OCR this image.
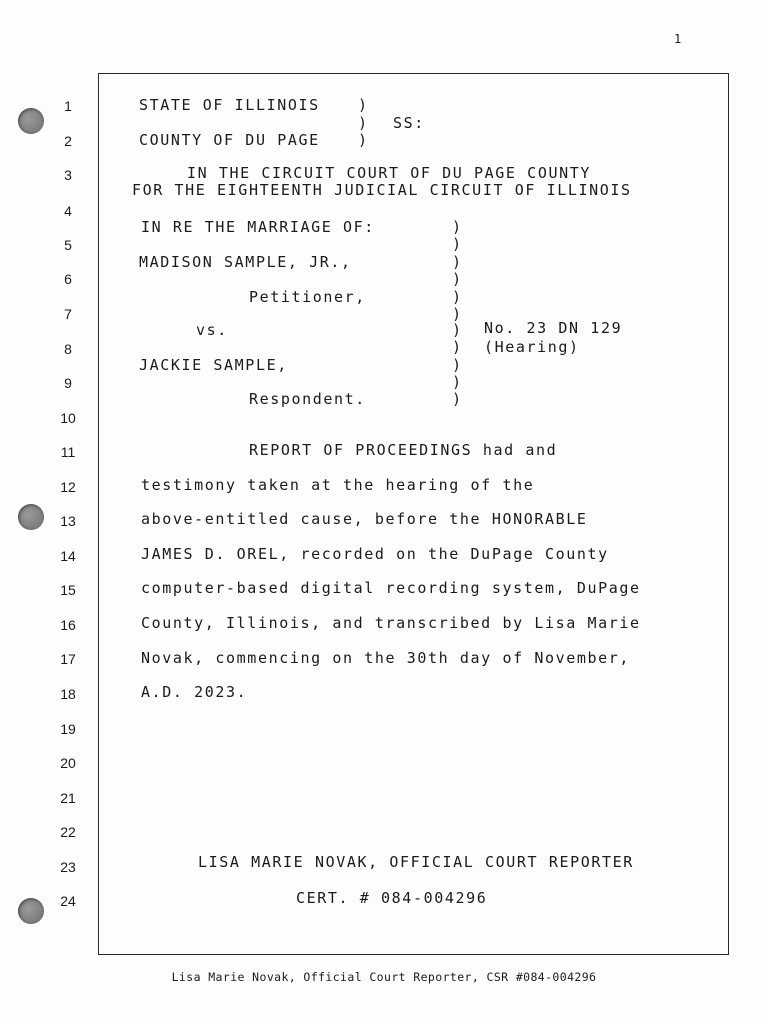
1
1
2
3
4
5
6
7
8
9
10
11
12
13
14
15
16
17
18
19
20
21
22
23
24
STATE OF ILLINOIS	)
) SS:
COUNTY OF DU PAGE	)
IN THE CIRCUIT COURT OF DU PAGE COUNTY
FOR THE EIGHTEENTH JUDICIAL CIRCUIT OF ILLINOIS
IN RE THE MARRIAGE OF:
MADISON SAMPLE, JR.,
Petitioner,
vs.
JACKIE SAMPLE,
Respondent.
)
)
)
)
)
)
)
)
)
)
)
No. 23 DN 129
(Hearing)
REPORT OF PROCEEDINGS had and
testimony taken at the hearing of the
above-entitled cause, before the HONORABLE
JAMES D. OREL, recorded on the DuPage County
computer-based digital recording system, DuPage
County, Illinois, and transcribed by Lisa Marie
Novak, commencing on the 30th day of November,
A.D. 2023.
LISA MARIE NOVAK, OFFICIAL COURT REPORTER
CERT. # 084-004296
Lisa Marie Novak, Official Court Reporter, CSR #084-004296
